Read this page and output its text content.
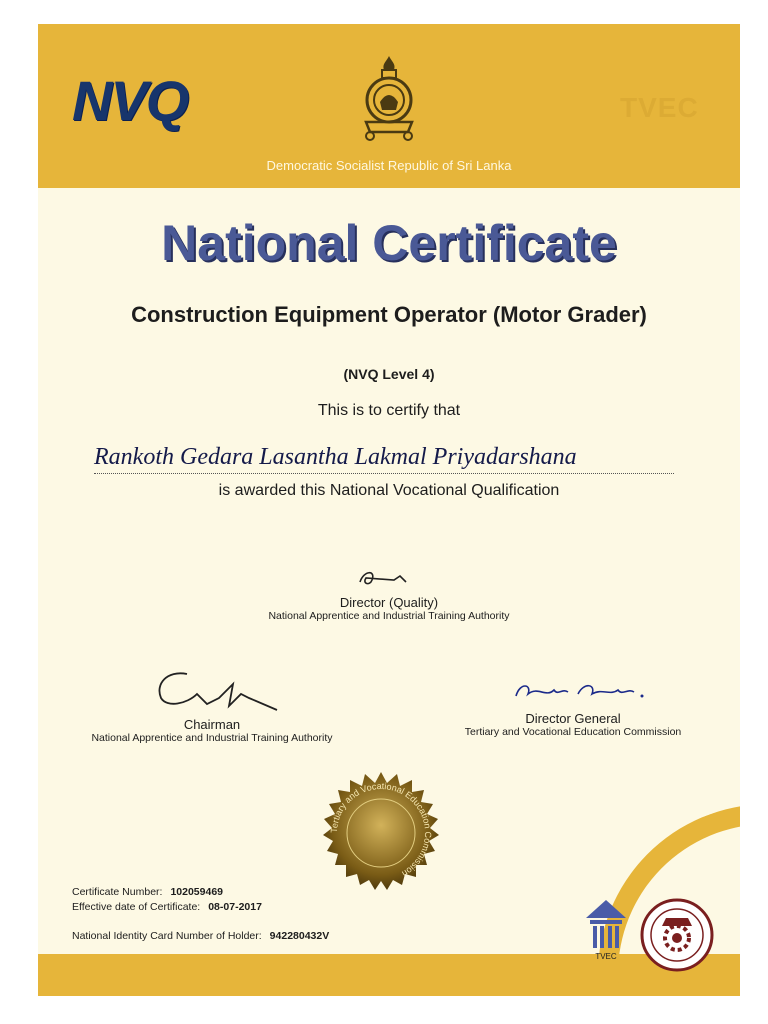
NVQ	TVEC
Democratic Socialist Republic of Sri Lanka
National Certificate
Construction Equipment Operator (Motor Grader)
(NVQ Level 4)
This is to certify that
Rankoth Gedara Lasantha Lakmal Priyadarshana
is awarded this National Vocational Qualification
Director (Quality)
National Apprentice and Industrial Training Authority
Chairman
National Apprentice and Industrial Training Authority
Director General
Tertiary and Vocational Education Commission
Tertiary and Vocational Education Commission
Certificate Number: 102059469
Effective date of Certificate: 08-07-2017
National Identity Card Number of Holder: 942280432V
TVEC
